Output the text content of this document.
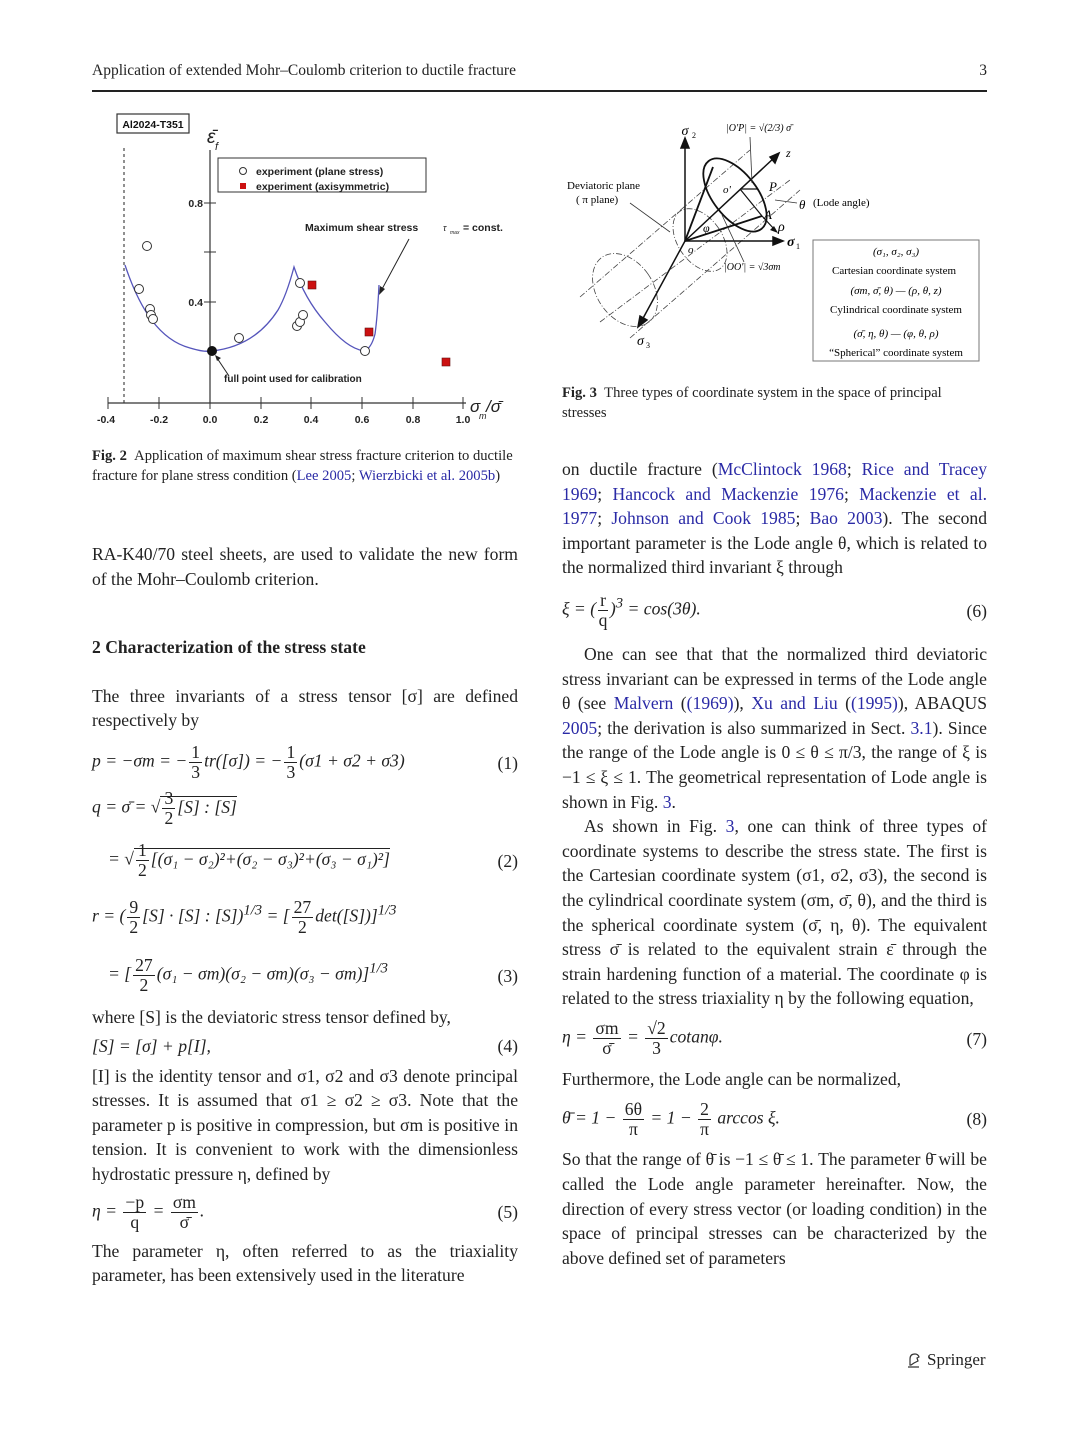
Application of extended Mohr–Coulomb criterion to ductile fracture	3
Al2024-T351
0.8
0.4
ε̄ f
-0.4	-0.2	0.0	0.2	0.4	0.6	0.8	1.0
σ
m /σ̄
experiment (plane stress)
experiment (axisymmetric)
Maximum shear stress	τ max = const.
full point used for calibration
Fig. 2 Application of maximum shear stress fracture criterion to ductile fracture for plane stress condition (Lee 2005; Wierzbicki et al. 2005b)
σ 2
σ 1
σ 3
z
o
o'	P
A
ρ
φ
θ (Lode angle)
Deviatoric plane
( π plane)
|O'P| = √(2/3) σ̄
|OO'| = √3σm
(σ₁, σ₂, σ₃)
Cartesian coordinate system
(σm, σ̄, θ) — (ρ, θ, z)
Cylindrical coordinate system
(σ̄, η, θ) — (φ, θ, ρ)
“Spherical” coordinate system
Fig. 3 Three types of coordinate system in the space of principal stresses

RA-K40/70 steel sheets, are used to validate the new form of the Mohr–Coulomb criterion.

2 Characterization of the stress state

The three invariants of a stress tensor [σ] are defined respectively by

p = −σm = − $\frac{1}{3} tr([\sigma])$ = − $\frac{1}{3} (\sigma 1 + \sigma 2 + \sigma 3)$	(1)
q = σ̄ = √ $\frac{3}{2} [S]$ : [S]
= √ $\frac{1}{2} [(\sigma_1 - \sigma_2)^2+(\sigma_2 - \sigma_3)^2+(\sigma_3 - \sigma_1)^2]$	(2)
r = ( $\frac{9}{2} [S] \cdot [S]$ : [S])$^{1/3}$ = [ $\frac{27}{2} \det([S])]^{1/3}$
= [ $\frac{27}{2} (\sigma_1 - \sigma m)(\sigma_2 - \sigma m)(\sigma_3 - \sigma m)]^{1/3}$	(3)

where [S] is the deviatoric stress tensor defined by,

[S] = [σ] + p[I],	(4)

[I] is the identity tensor and σ1, σ2 and σ3 denote principal stresses. It is assumed that σ1 ≥ σ2 ≥ σ3. Note that the parameter p is positive in compression, but σm is positive in tension. It is convenient to work with the dimensionless hydrostatic pressure η, defined by

$\eta = \frac{-p}{q} = \frac{\sigma m}{\sigmā}$ .	(5)

The parameter η, often referred to as the triaxiality parameter, has been extensively used in the literature

on ductile fracture (McClintock 1968; Rice and Tracey 1969; Hancock and Mackenzie 1976; Mackenzie et al. 1977; Johnson and Cook 1985; Bao 2003). The second important parameter is the Lode angle θ, which is related to the normalized third invariant ξ through

ξ = ( $\frac{r}{q} )^3 = \cos(3\theta)$.	(6)

One can see that that the normalized third deviatoric stress invariant can be expressed in terms of the Lode angle θ (see Malvern ((1969)), Xu and Liu ((1995)), ABAQUS 2005; the derivation is also summarized in Sect. 3.1). Since the range of the Lode angle is 0 ≤ θ ≤ π/3, the range of ξ is −1 ≤ ξ ≤ 1. The geometrical representation of Lode angle is shown in Fig. 3.

As shown in Fig. 3, one can think of three types of coordinate systems to describe the stress state. The first is the Cartesian coordinate system (σ1, σ2, σ3), the second is the cylindrical coordinate system (σm, σ̄, θ), and the third is the spherical coordinate system (σ̄, η, θ). The equivalent stress σ̄ is related to the equivalent strain ε̄ through the strain hardening function of a material. The coordinate φ is related to the stress triaxiality η by the following equation,

$\eta = \frac{\sigma m}{\sigmā} = \frac{√2}{3} cotan\varphi$.	(7)

Furthermore, the Lode angle can be normalized,

θ̄ = $1 - \frac{6\theta}{\pi} = 1 - \frac{2}{\pi}$ arccos ξ.	(8)

So that the range of θ̄ is −1 ≤ θ̄ ≤ 1. The parameter θ̄ will be called the Lode angle parameter hereinafter. Now, the direction of every stress vector (or loading condition) in the space of principal stresses can be characterized by the above defined set of parameters

Springer
